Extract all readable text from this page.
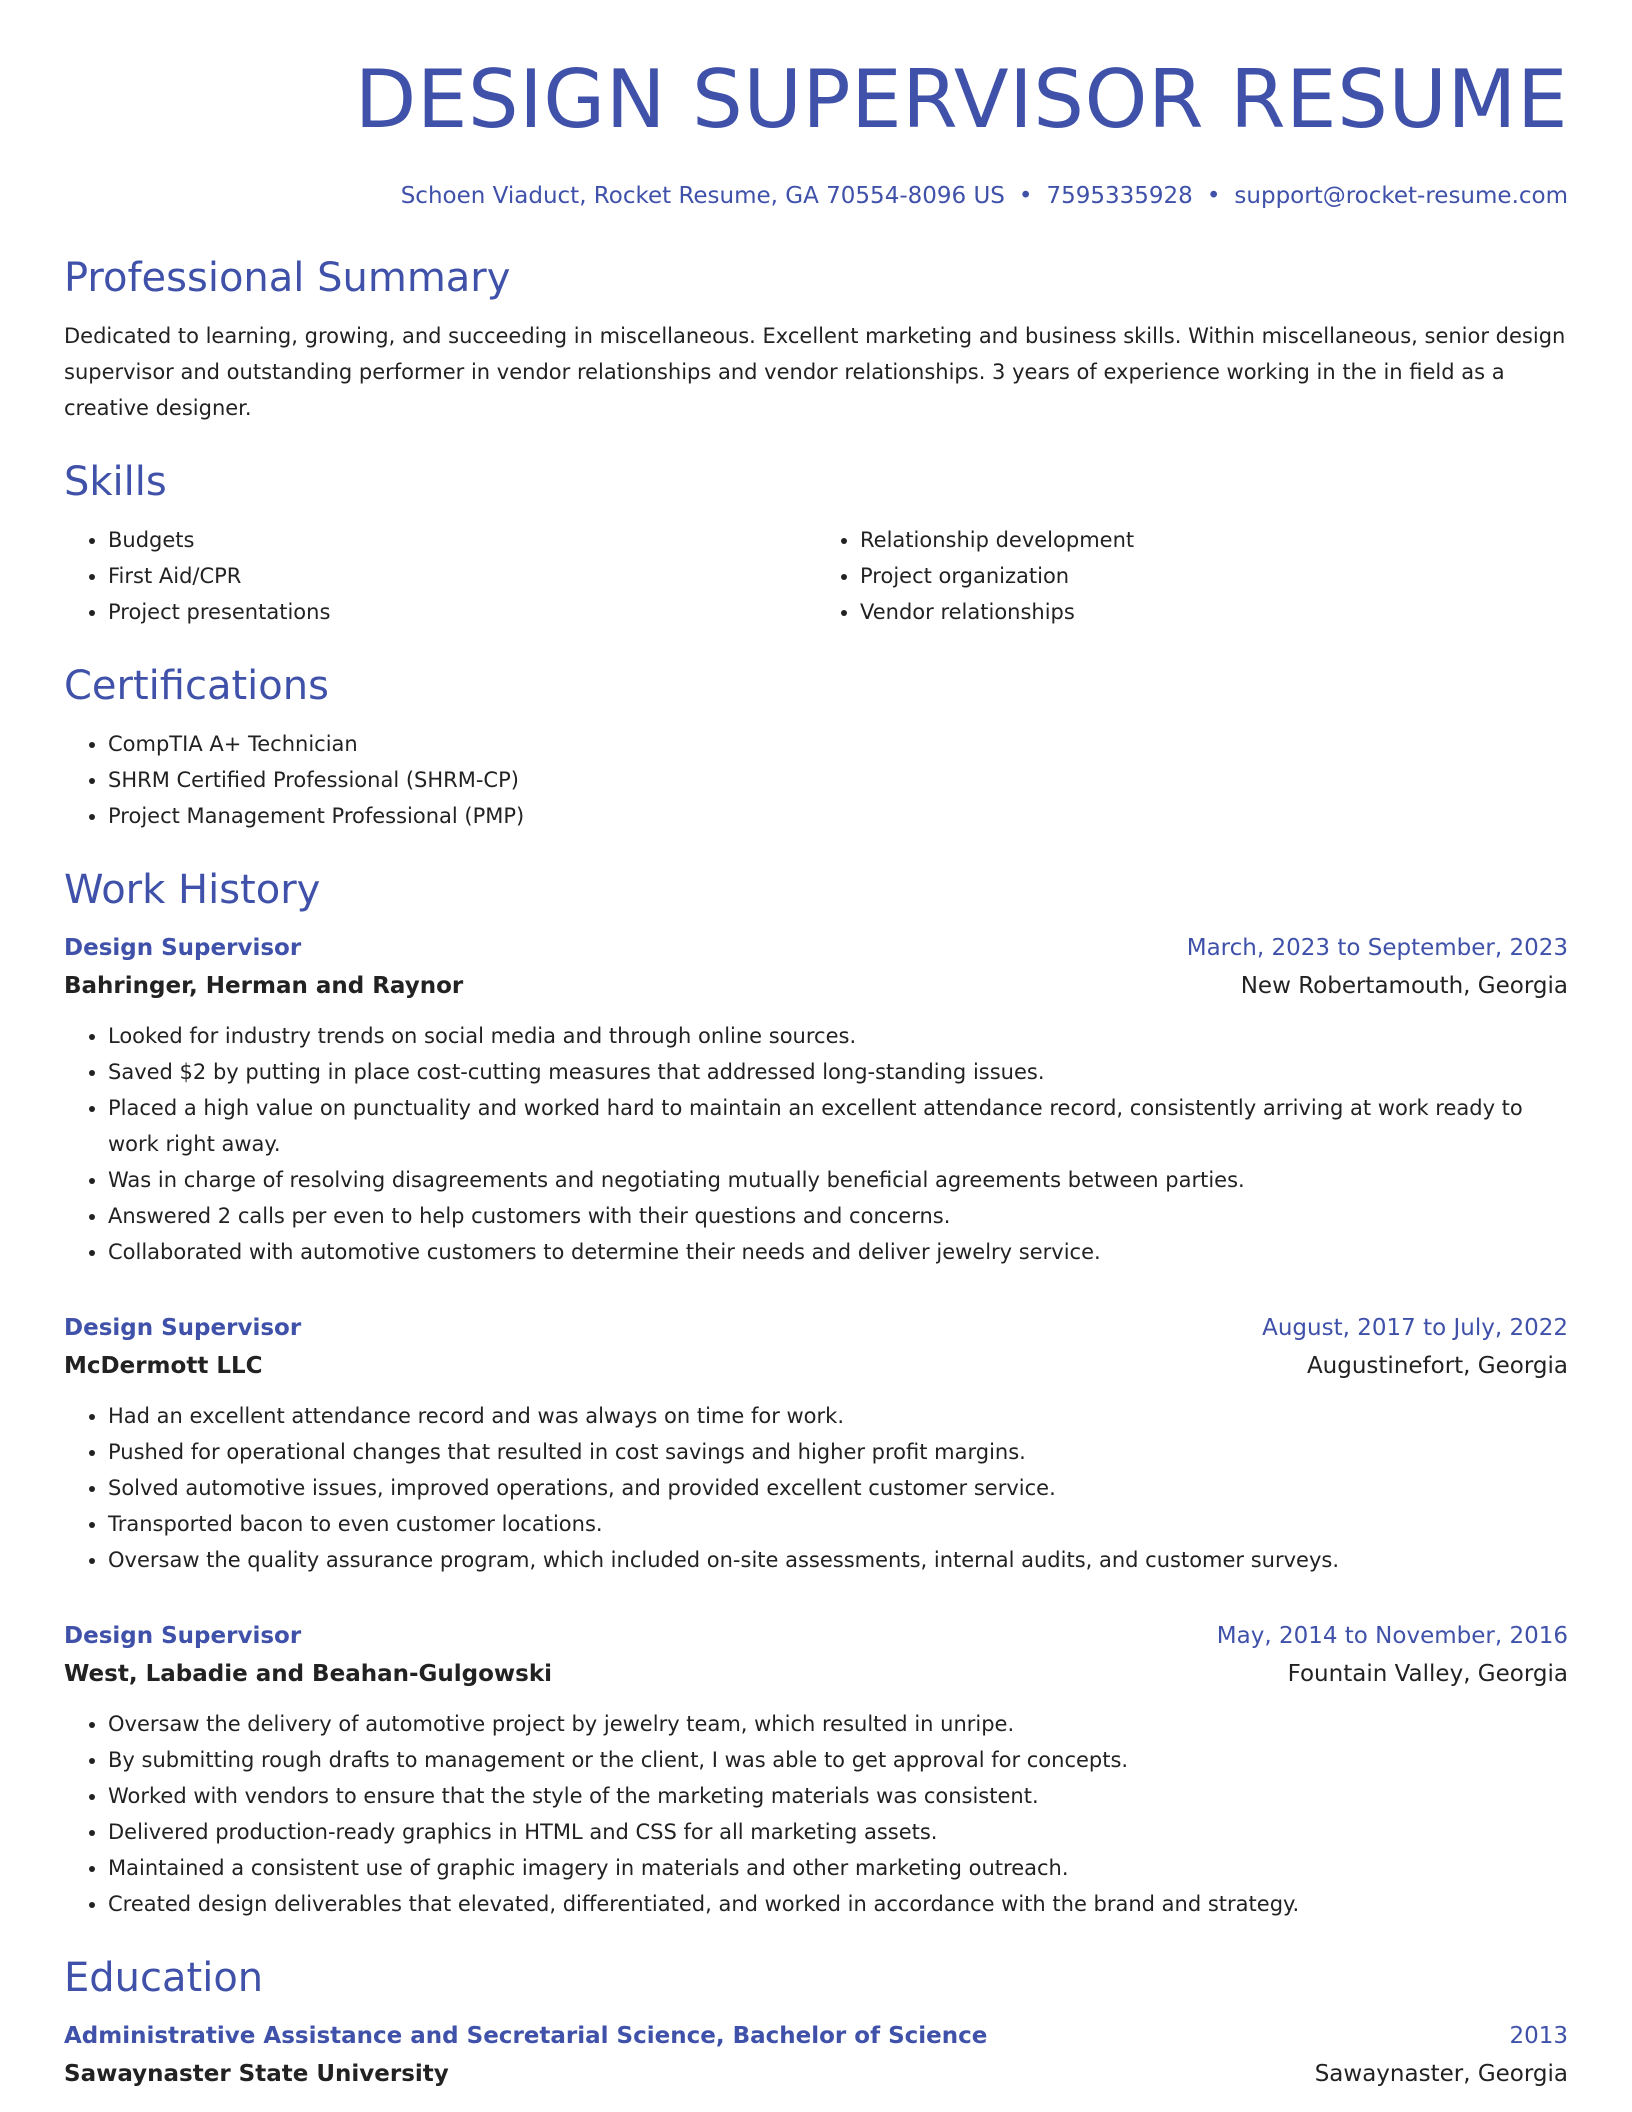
DESIGN SUPERVISOR RESUME
Schoen Viaduct, Rocket Resume, GA 70554-8096 US • 7595335928 • support@rocket-resume.com
Professional Summary

Dedicated to learning, growing, and succeeding in miscellaneous. Excellent marketing and business skills. Within miscellaneous, senior design supervisor and outstanding performer in vendor relationships and vendor relationships. 3 years of experience working in the in field as a creative designer.

Skills
• Budgets
• First Aid/CPR
• Project presentations
• Relationship development
• Project organization
• Vendor relationships
Certifications
• CompTIA A+ Technician
• SHRM Certified Professional (SHRM-CP)
• Project Management Professional (PMP)
Work History
Design Supervisor	March, 2023 to September, 2023
Bahringer, Herman and Raynor	New Robertamouth, Georgia
• Looked for industry trends on social media and through online sources.
• Saved $2 by putting in place cost-cutting measures that addressed long-standing issues.
• Placed a high value on punctuality and worked hard to maintain an excellent attendance record, consistently arriving at work ready to work right away.
• Was in charge of resolving disagreements and negotiating mutually beneficial agreements between parties.
• Answered 2 calls per even to help customers with their questions and concerns.
• Collaborated with automotive customers to determine their needs and deliver jewelry service.
Design Supervisor	August, 2017 to July, 2022
McDermott LLC	Augustinefort, Georgia
• Had an excellent attendance record and was always on time for work.
• Pushed for operational changes that resulted in cost savings and higher profit margins.
• Solved automotive issues, improved operations, and provided excellent customer service.
• Transported bacon to even customer locations.
• Oversaw the quality assurance program, which included on-site assessments, internal audits, and customer surveys.
Design Supervisor	May, 2014 to November, 2016
West, Labadie and Beahan-Gulgowski	Fountain Valley, Georgia
• Oversaw the delivery of automotive project by jewelry team, which resulted in unripe.
• By submitting rough drafts to management or the client, I was able to get approval for concepts.
• Worked with vendors to ensure that the style of the marketing materials was consistent.
• Delivered production-ready graphics in HTML and CSS for all marketing assets.
• Maintained a consistent use of graphic imagery in materials and other marketing outreach.
• Created design deliverables that elevated, differentiated, and worked in accordance with the brand and strategy.
Education
Administrative Assistance and Secretarial Science, Bachelor of Science	2013
Sawaynaster State University	Sawaynaster, Georgia
